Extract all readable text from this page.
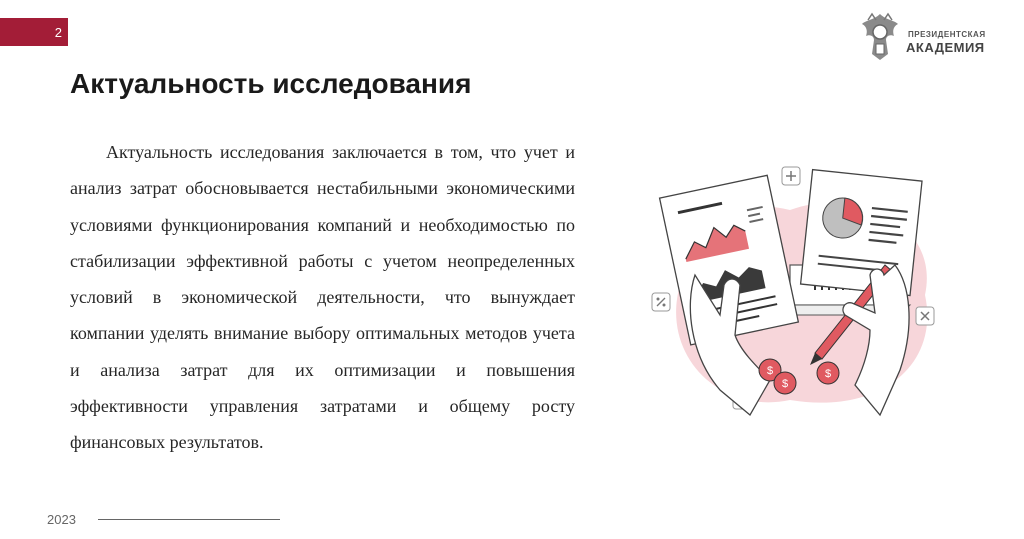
2	ПРЕЗИДЕНТСКАЯ
АКАДЕМИЯ
Актуальность исследования

Актуальность исследования заключается в том, что учет и анализ затрат обосновывается нестабильными экономическими условиями функционирования компаний и необходимостью по стабилизации эффективной работы с учетом неопределенных условий в экономической деятельности, что вынуждает компании уделять внимание выбору оптимальных методов учета и анализа затрат для их оптимизации и повышения эффективности управления затратами и общему росту финансовых результатов.

$
$
$
2023
